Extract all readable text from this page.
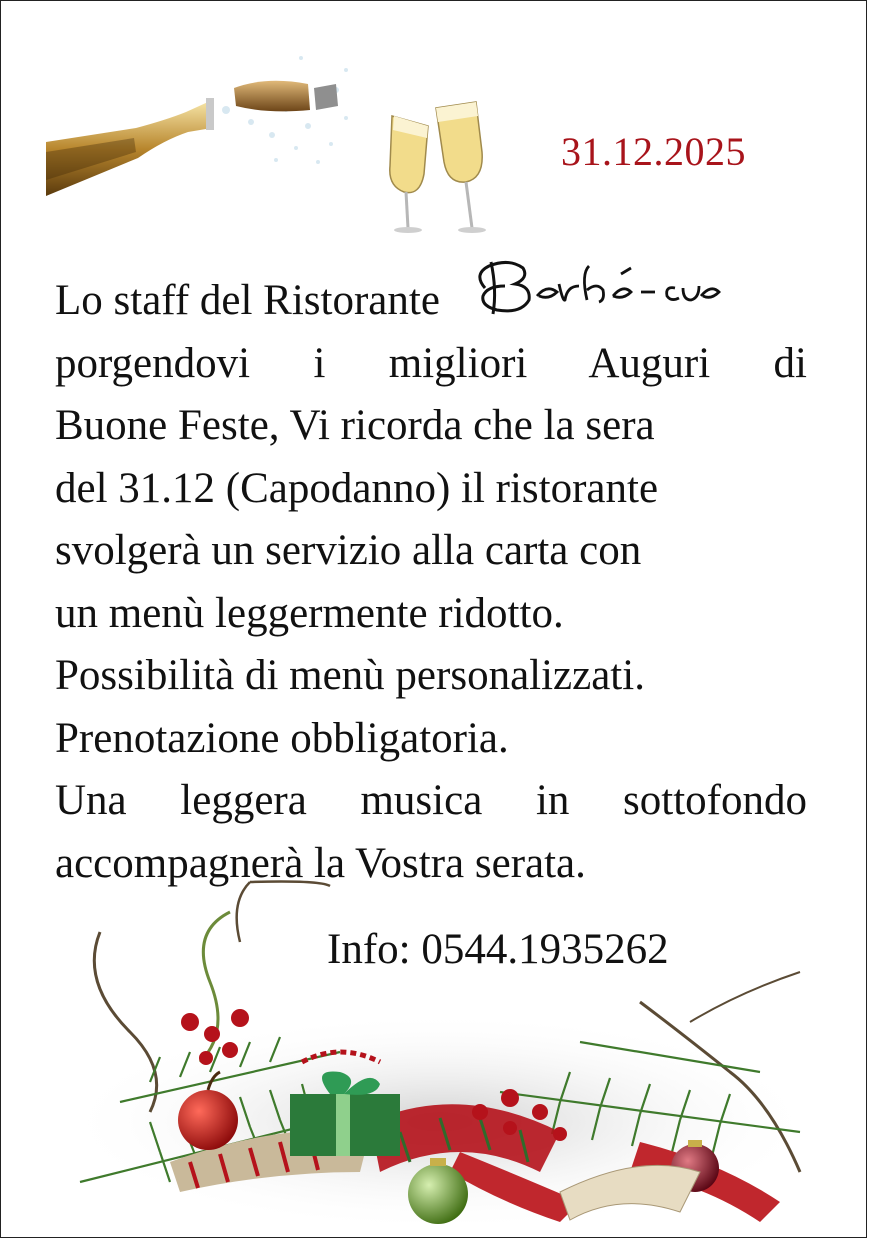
31.12.2025
Lo staff del Ristorante
porgendovi i migliori Auguri di
Buone Feste, Vi ricorda che la sera
del 31.12 (Capodanno) il ristorante
svolgerà un servizio alla carta con
un menù leggermente ridotto.
Possibilità di menù personalizzati.
Prenotazione obbligatoria.
Una leggera musica in sottofondo
accompagnerà la Vostra serata.
Info: 0544.1935262
